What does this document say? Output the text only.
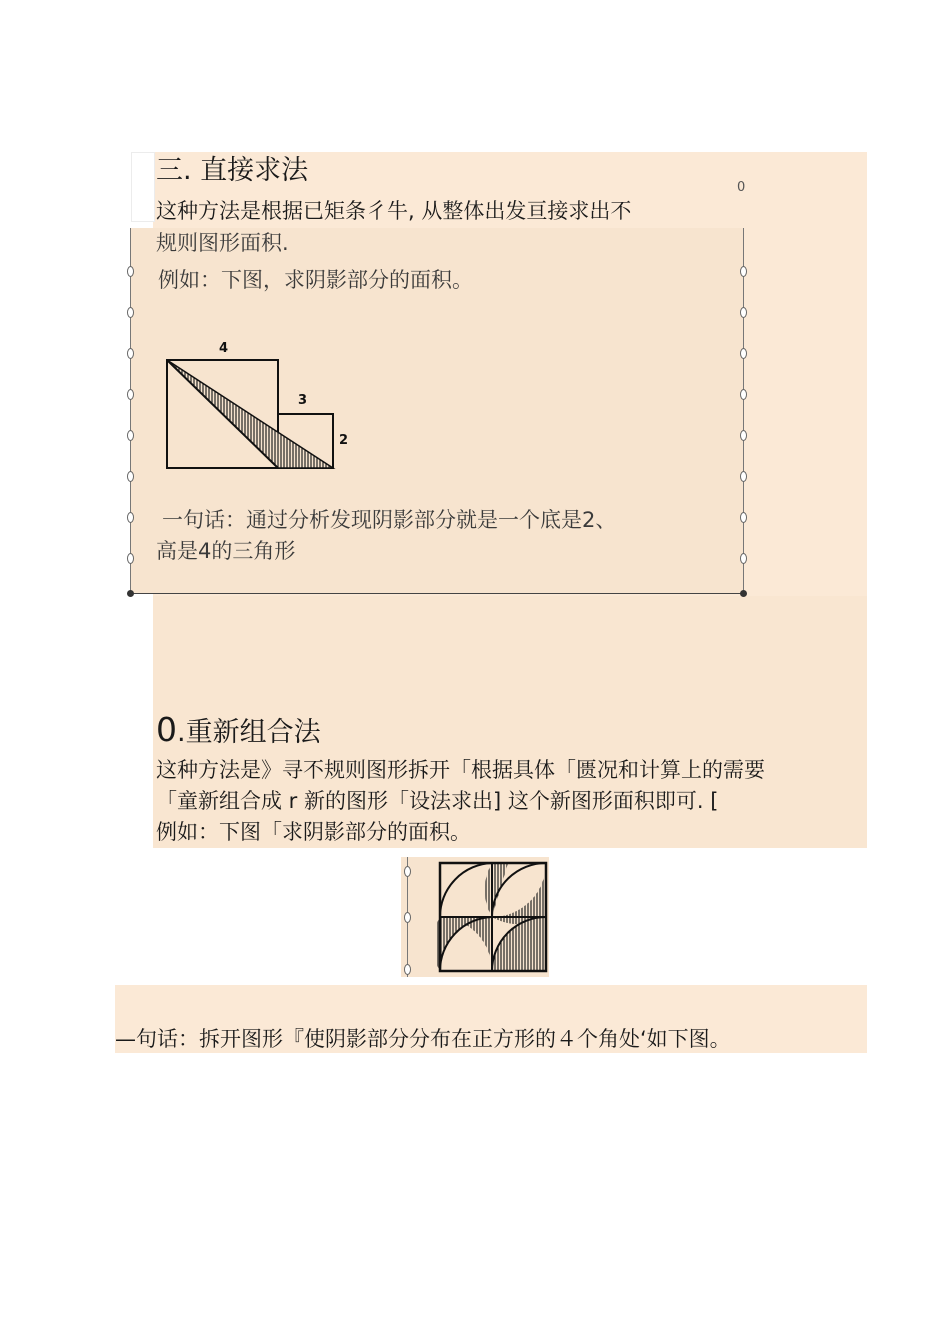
三. 直接求法
0
这种方法是根据已矩条彳牛, 从整体出发亘接求出不
规则图形面积.
例如：下图，求阴影部分的面积。
4
3
2
一句话：通过分析发现阴影部分就是一个底是2、
高是4的三角形
0.重新组合法
这种方法是》寻不规则图形拆开「根据具体「匮况和计算上的需要
「童新组合成 r 新的图形「设法求出] 这个新图形面积即可. [
例如：下图「求阴影部分的面积。
—句话：拆开图形『使阴影部分分布在正方形的４个角处‘如下图。
